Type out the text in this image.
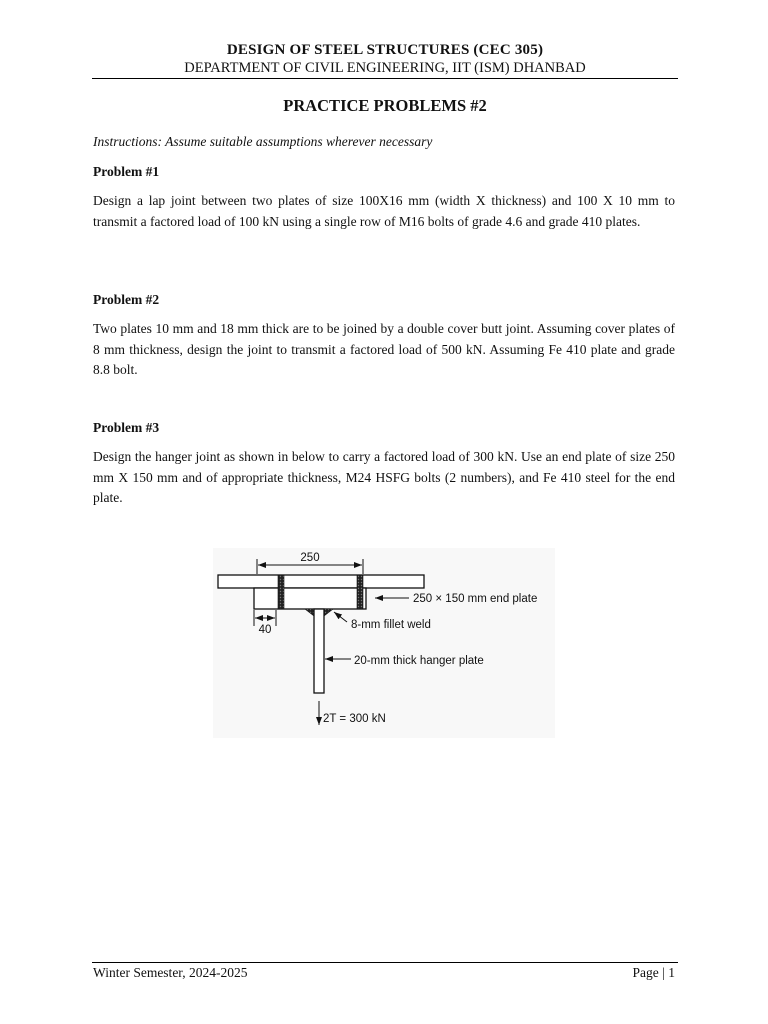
DESIGN OF STEEL STRUCTURES (CEC 305)
DEPARTMENT OF CIVIL ENGINEERING, IIT (ISM) DHANBAD
PRACTICE PROBLEMS #2
Instructions: Assume suitable assumptions wherever necessary
Problem #1
Design a lap joint between two plates of size 100X16 mm (width X thickness) and 100 X 10 mm to transmit a factored load of 100 kN using a single row of M16 bolts of grade 4.6 and grade 410 plates.
Problem #2
Two plates 10 mm and 18 mm thick are to be joined by a double cover butt joint. Assuming cover plates of 8 mm thickness, design the joint to transmit a factored load of 500 kN. Assuming Fe 410 plate and grade 8.8 bolt.
Problem #3
Design the hanger joint as shown in below to carry a factored load of 300 kN. Use an end plate of size 250 mm X 150 mm and of appropriate thickness, M24 HSFG bolts (2 numbers), and Fe 410 steel for the end plate.
250
40
250 × 150 mm end plate
8-mm fillet weld
20-mm thick hanger plate
2T = 300 kN
Winter Semester, 2024-2025	Page | 1
